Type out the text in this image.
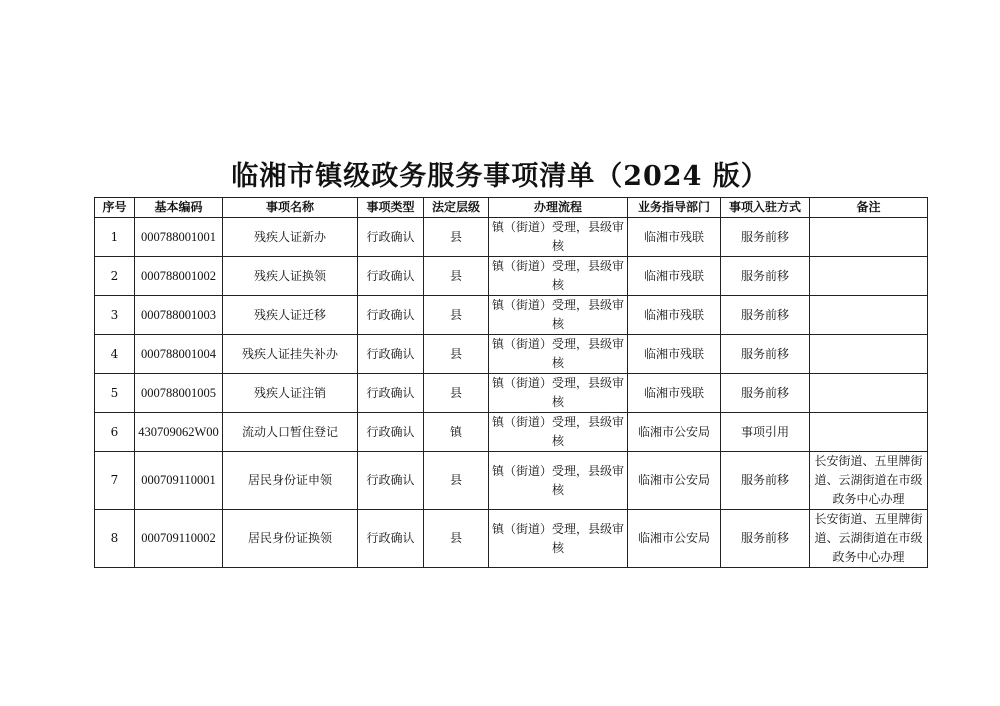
临湘市镇级政务服务事项清单（2024 版）
序号	基本编码	事项名称	事项类型	法定层级	办理流程	业务指导部门	事项入驻方式	备注
1	000788001001	残疾人证新办	行政确认	县	镇（街道）受理，县级审核	临湘市残联	服务前移	
2	000788001002	残疾人证换领	行政确认	县	镇（街道）受理，县级审核	临湘市残联	服务前移	
3	000788001003	残疾人证迁移	行政确认	县	镇（街道）受理，县级审核	临湘市残联	服务前移	
4	000788001004	残疾人证挂失补办	行政确认	县	镇（街道）受理，县级审核	临湘市残联	服务前移	
5	000788001005	残疾人证注销	行政确认	县	镇（街道）受理，县级审核	临湘市残联	服务前移	
6	430709062W00	流动人口暂住登记	行政确认	镇	镇（街道）受理，县级审核	临湘市公安局	事项引用	
7	000709110001	居民身份证申领	行政确认	县	镇（街道）受理，县级审核	临湘市公安局	服务前移	长安街道、五里牌街道、云湖街道在市级政务中心办理
8	000709110002	居民身份证换领	行政确认	县	镇（街道）受理，县级审核	临湘市公安局	服务前移	长安街道、五里牌街道、云湖街道在市级政务中心办理
